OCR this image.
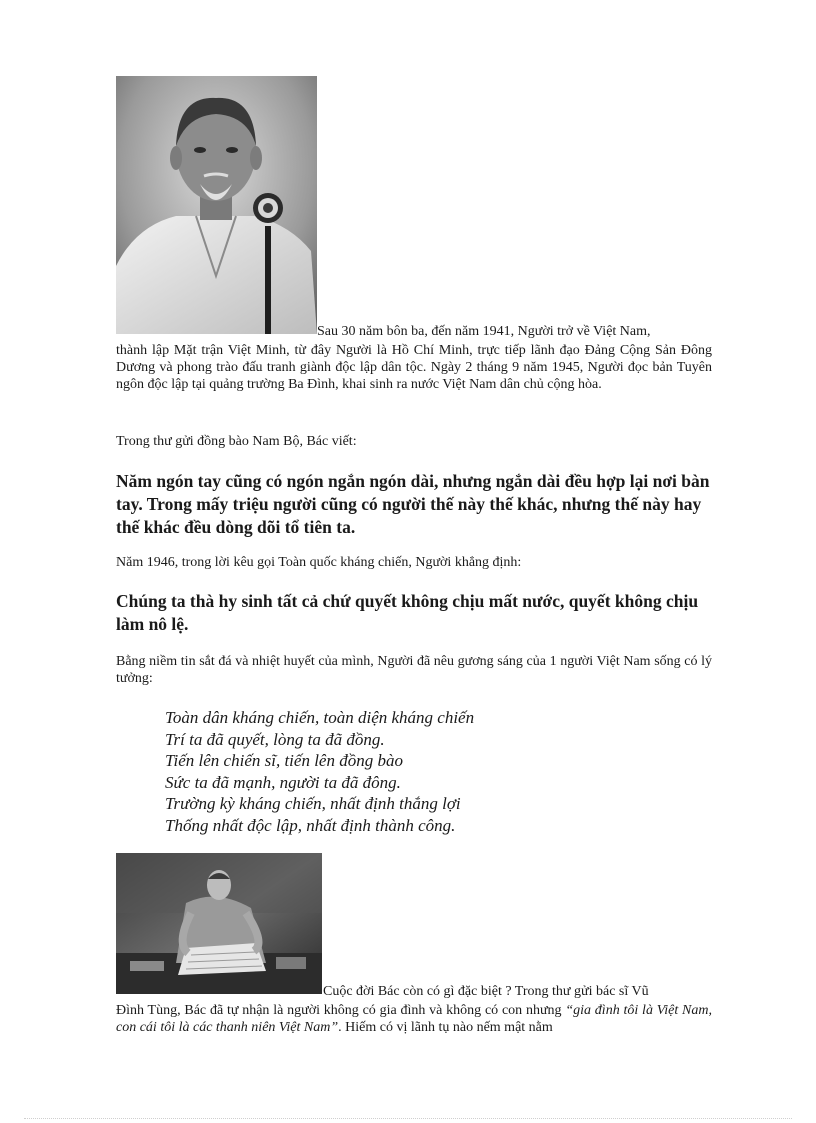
Sau 30 năm bôn ba, đến năm 1941, Người trở về Việt Nam,
thành lập Mặt trận Việt Minh, từ đây Người là Hồ Chí Minh, trực tiếp lãnh đạo Đảng Cộng Sản Đông Dương và phong trào đấu tranh giành độc lập dân tộc. Ngày 2 tháng 9 năm 1945, Người đọc bản Tuyên ngôn độc lập tại quảng trường Ba Đình, khai sinh ra nước Việt Nam dân chủ cộng hòa.
Trong thư gửi đồng bào Nam Bộ, Bác viết:
Năm ngón tay cũng có ngón ngắn ngón dài, nhưng ngắn dài đều hợp lại nơi bàn tay. Trong mấy triệu người cũng có người thế này thế khác, nhưng thế này hay thế khác đều dòng dõi tổ tiên ta.
Năm 1946, trong lời kêu gọi Toàn quốc kháng chiến, Người khẳng định:
Chúng ta thà hy sinh tất cả chứ quyết không chịu mất nước, quyết không chịu làm nô lệ.
Bằng niềm tin sắt đá và nhiệt huyết của mình, Người đã nêu gương sáng của 1 người Việt Nam sống có lý tưởng:
Toàn dân kháng chiến, toàn diện kháng chiến
Trí ta đã quyết, lòng ta đã đồng.
Tiến lên chiến sĩ, tiến lên đồng bào
Sức ta đã mạnh, người ta đã đông.
Trường kỳ kháng chiến, nhất định thắng lợi
Thống nhất độc lập, nhất định thành công.
Cuộc đời Bác còn có gì đặc biệt ? Trong thư gửi bác sĩ Vũ
Đình Tùng, Bác đã tự nhận là người không có gia đình và không có con nhưng “gia đình tôi là Việt Nam, con cái tôi là các thanh niên Việt Nam”. Hiếm có vị lãnh tụ nào nếm mật nằm
